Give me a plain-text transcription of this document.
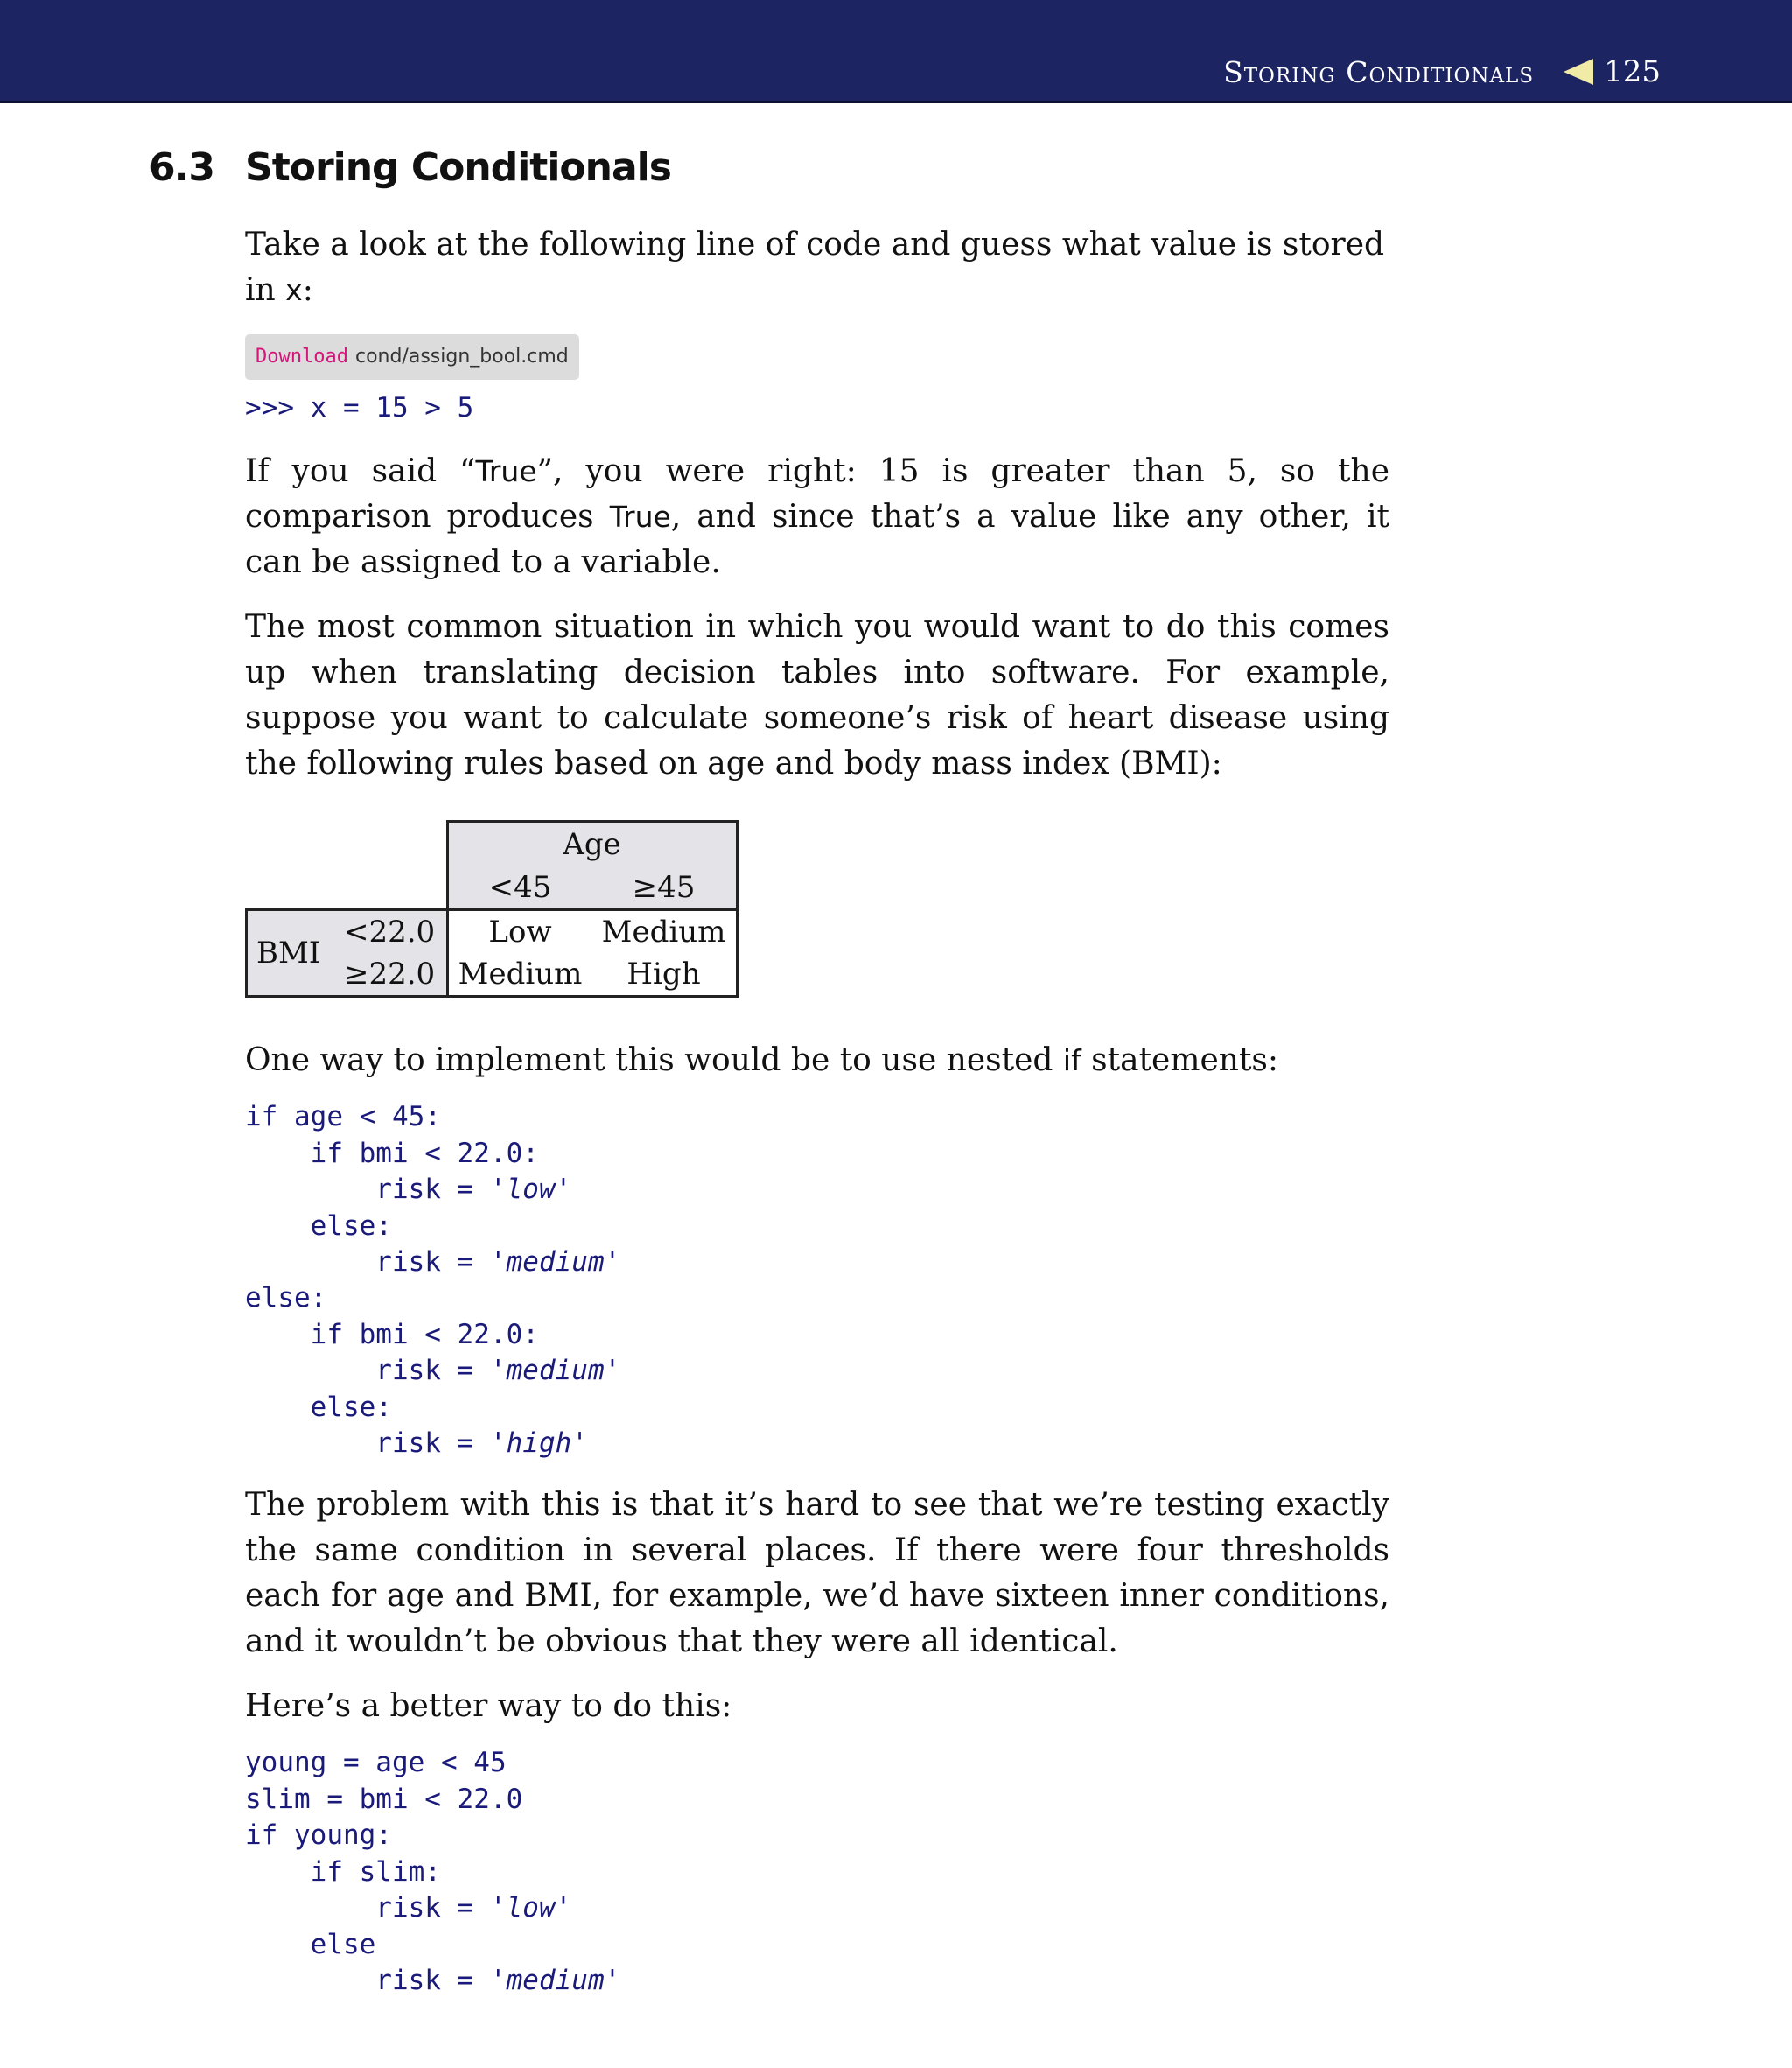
Storing Conditionals 125
6.3 Storing Conditionals

Take a look at the following line of code and guess what value is stored in x:

Download cond/assign_bool.cmd
>>> x = 15 > 5

If you said “True”, you were right: 15 is greater than 5, so the comparison produces True, and since that’s a value like any other, it can be assigned to a variable.

The most common situation in which you would want to do this comes up when translating decision tables into software. For example, suppose you want to calculate someone’s risk of heart disease using the following rules based on age and body mass index (BMI):

		Age	
		<45	≥45
BMI	<22.0	Low	Medium
	≥22.0	Medium	High

One way to implement this would be to use nested if statements:

if age < 45:
if bmi < 22.0:
risk = 'low'
else:
risk = 'medium'
else:
if bmi < 22.0:
risk = 'medium'
else:
risk = 'high'

The problem with this is that it’s hard to see that we’re testing exactly the same condition in several places. If there were four thresholds each for age and BMI, for example, we’d have sixteen inner conditions, and it wouldn’t be obvious that they were all identical.

Here’s a better way to do this:

young = age < 45
slim = bmi < 22.0
if young:
if slim:
risk = 'low'
else
risk = 'medium'
